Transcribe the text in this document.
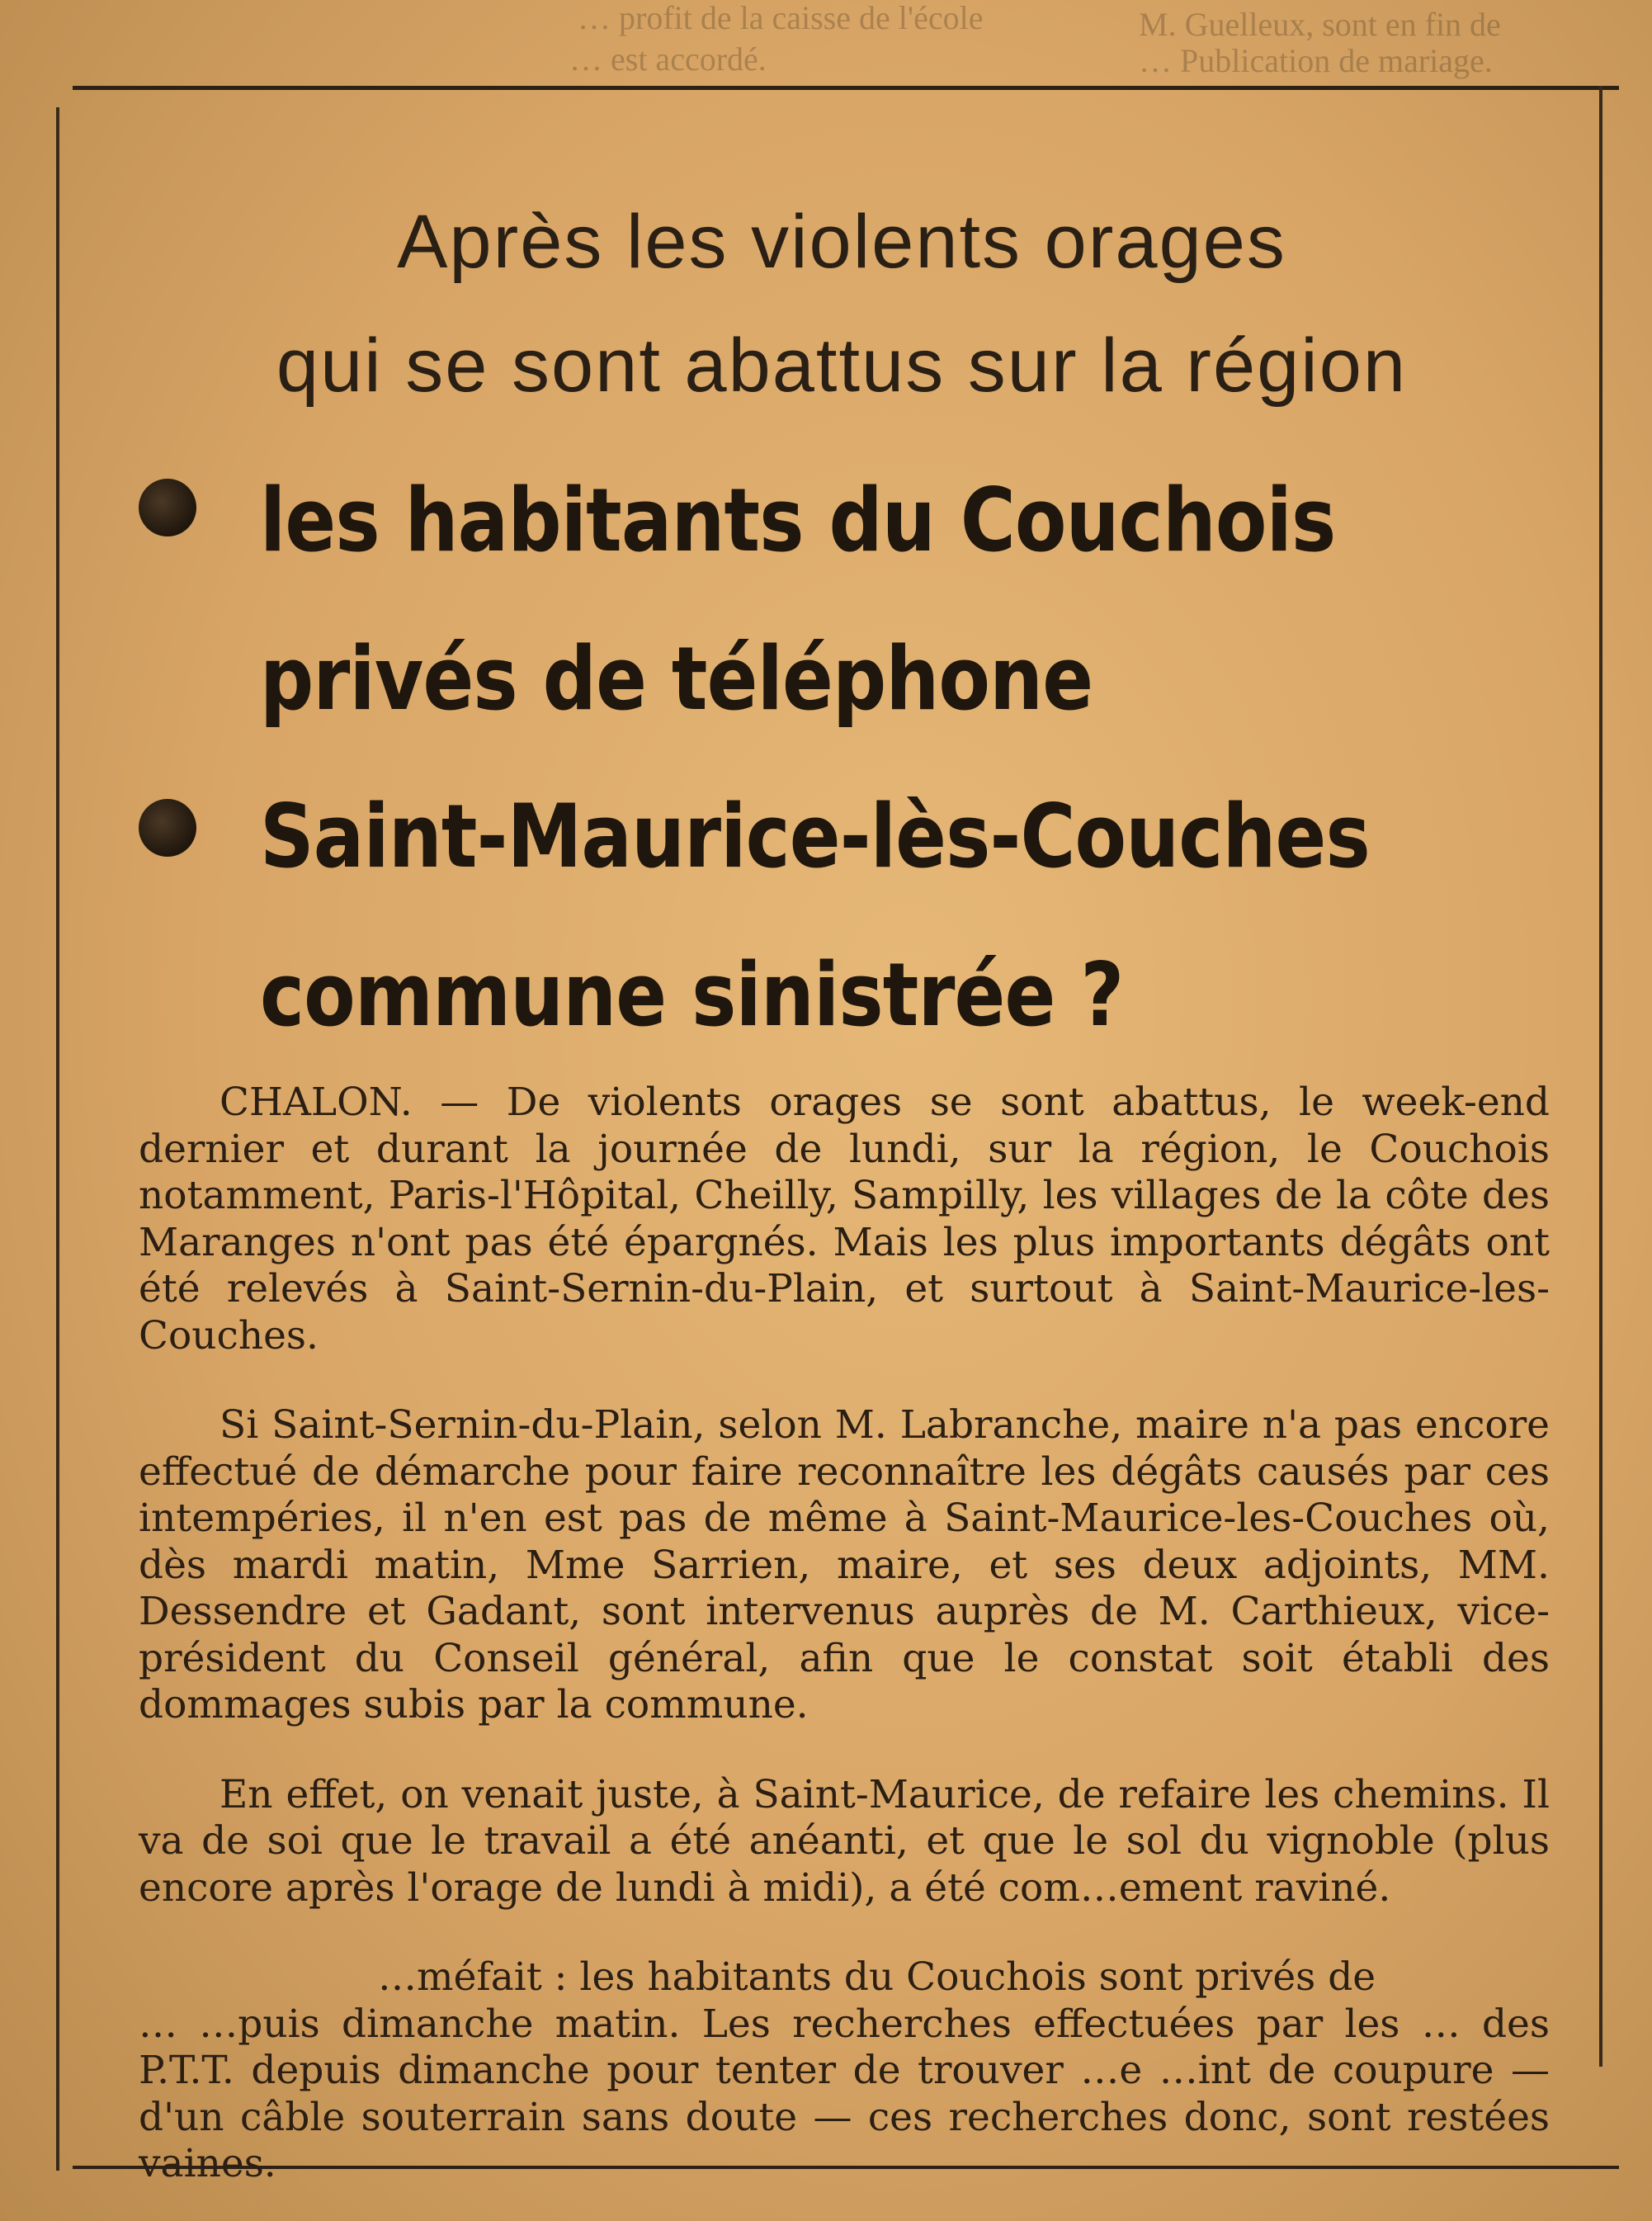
… profit de la caisse de l'école	M. Guelleux, sont en fin de
… est accordé.	… Publication de mariage.
Après les violents orages
qui se sont abattus sur la région
les habitants du Couchois
privés de téléphone
Saint-Maurice-lès-Couches
commune sinistrée ?

CHALON. — De violents orages se sont abattus, le week-end dernier et durant la journée de lundi, sur la région, le Couchois notamment, Paris-l'Hôpital, Cheilly, Sampilly, les villages de la côte des Maranges n'ont pas été épargnés. Mais les plus importants dégâts ont été relevés à Saint-Sernin-du-Plain, et surtout à Saint-Maurice-les-Couches.

Si Saint-Sernin-du-Plain, selon M. Labranche, maire n'a pas encore effectué de démarche pour faire reconnaître les dégâts causés par ces intempéries, il n'en est pas de même à Saint-Maurice-les-Couches où, dès mardi matin, Mme Sarrien, maire, et ses deux adjoints, MM. Dessendre et Gadant, sont intervenus auprès de M. Carthieux, vice-président du Conseil général, afin que le constat soit établi des dommages subis par la commune.

En effet, on venait juste, à Saint-Maurice, de refaire les chemins. Il va de soi que le travail a été anéanti, et que le sol du vignoble (plus encore après l'orage de lundi à midi), a été com…ement raviné.

…méfait : les habitants du Couchois sont privés de

… …puis dimanche matin. Les recherches effectuées par les … des P.T.T. depuis dimanche pour tenter de trouver …e …int de coupure — d'un câble souterrain sans doute — ces recherches donc, sont restées vaines.
